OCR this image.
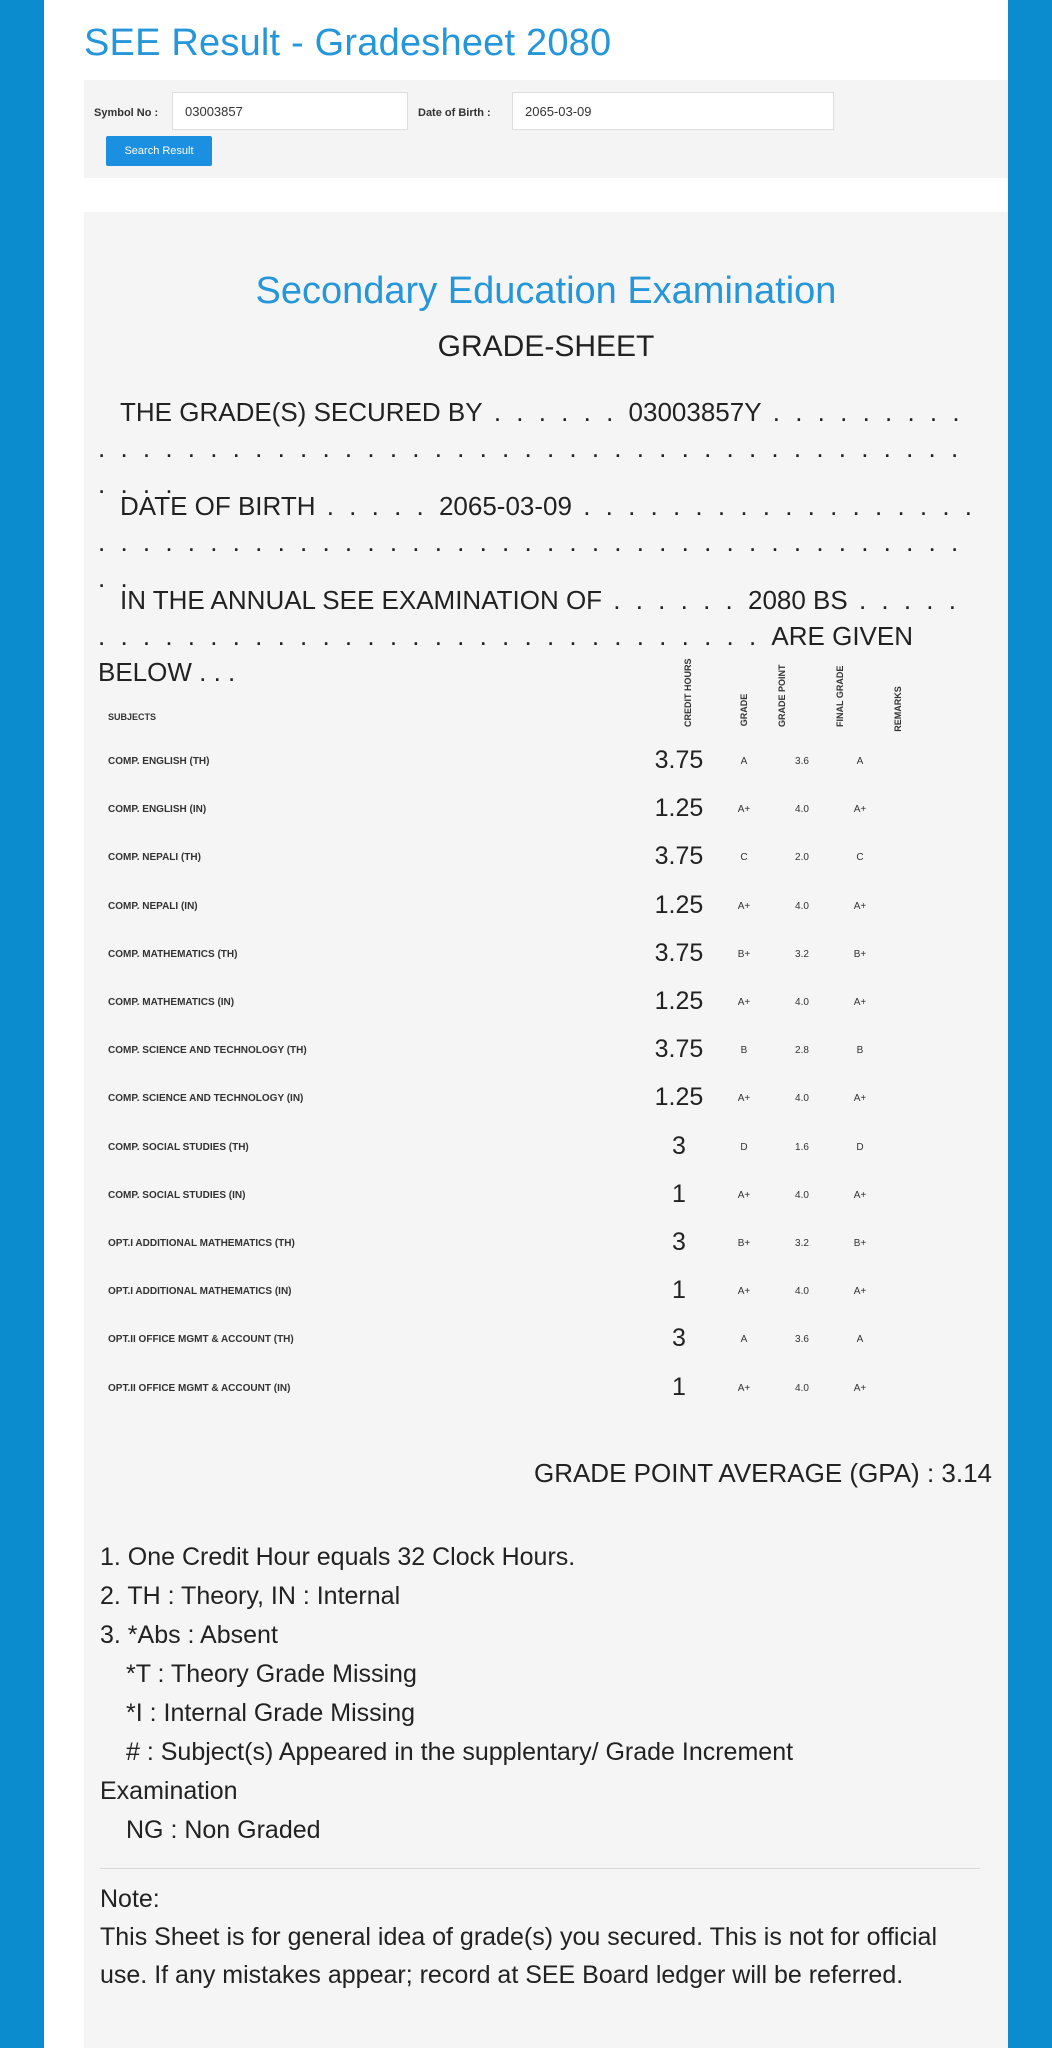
SEE Result - Gradesheet 2080
Symbol No :
03003857	Date of Birth :
2065-03-09
Search Result
Secondary Education Examination
GRADE-SHEET
THE GRADE(S) SECURED BY . . . . . . 03003857Y . . . . . . . . . . . . . . . . . . . . . . . . . . . . . . . . . . . . . . . . . . . . . . . . . . . .
DATE OF BIRTH . . . . . 2065-03-09 . . . . . . . . . . . . . . . . . . . . . . . . . . . . . . . . . . . . . . . . . . . . . . . . . . . . . . . . . . .
IN THE ANNUAL SEE EXAMINATION OF . . . . . . 2080 BS . . . . . . . . . . . . . . . . . . . . . . . . . . . . . . . . . . . ARE GIVEN BELOW . . .
SUBJECTS	CREDIT HOURS	GRADE	GRADE POINT	FINAL GRADE	REMARKS
COMP. ENGLISH (TH)	3.75	A	3.6	A
COMP. ENGLISH (IN)	1.25	A+	4.0	A+
COMP. NEPALI (TH)	3.75	C	2.0	C
COMP. NEPALI (IN)	1.25	A+	4.0	A+
COMP. MATHEMATICS (TH)	3.75	B+	3.2	B+
COMP. MATHEMATICS (IN)	1.25	A+	4.0	A+
COMP. SCIENCE AND TECHNOLOGY (TH)	3.75	B	2.8	B
COMP. SCIENCE AND TECHNOLOGY (IN)	1.25	A+	4.0	A+
COMP. SOCIAL STUDIES (TH)	3	D	1.6	D
COMP. SOCIAL STUDIES (IN)	1	A+	4.0	A+
OPT.I ADDITIONAL MATHEMATICS (TH)	3	B+	3.2	B+
OPT.I ADDITIONAL MATHEMATICS (IN)	1	A+	4.0	A+
OPT.II OFFICE MGMT & ACCOUNT (TH)	3	A	3.6	A
OPT.II OFFICE MGMT & ACCOUNT (IN)	1	A+	4.0	A+
GRADE POINT AVERAGE (GPA) : 3.14
1. One Credit Hour equals 32 Clock Hours.
2. TH : Theory, IN : Internal
3. *Abs : Absent
*T : Theory Grade Missing
*I : Internal Grade Missing
# : Subject(s) Appeared in the supplentary/ Grade Increment
Examination
NG : Non Graded
Note:
This Sheet is for general idea of grade(s) you secured. This is not for official use. If any mistakes appear; record at SEE Board ledger will be referred.
